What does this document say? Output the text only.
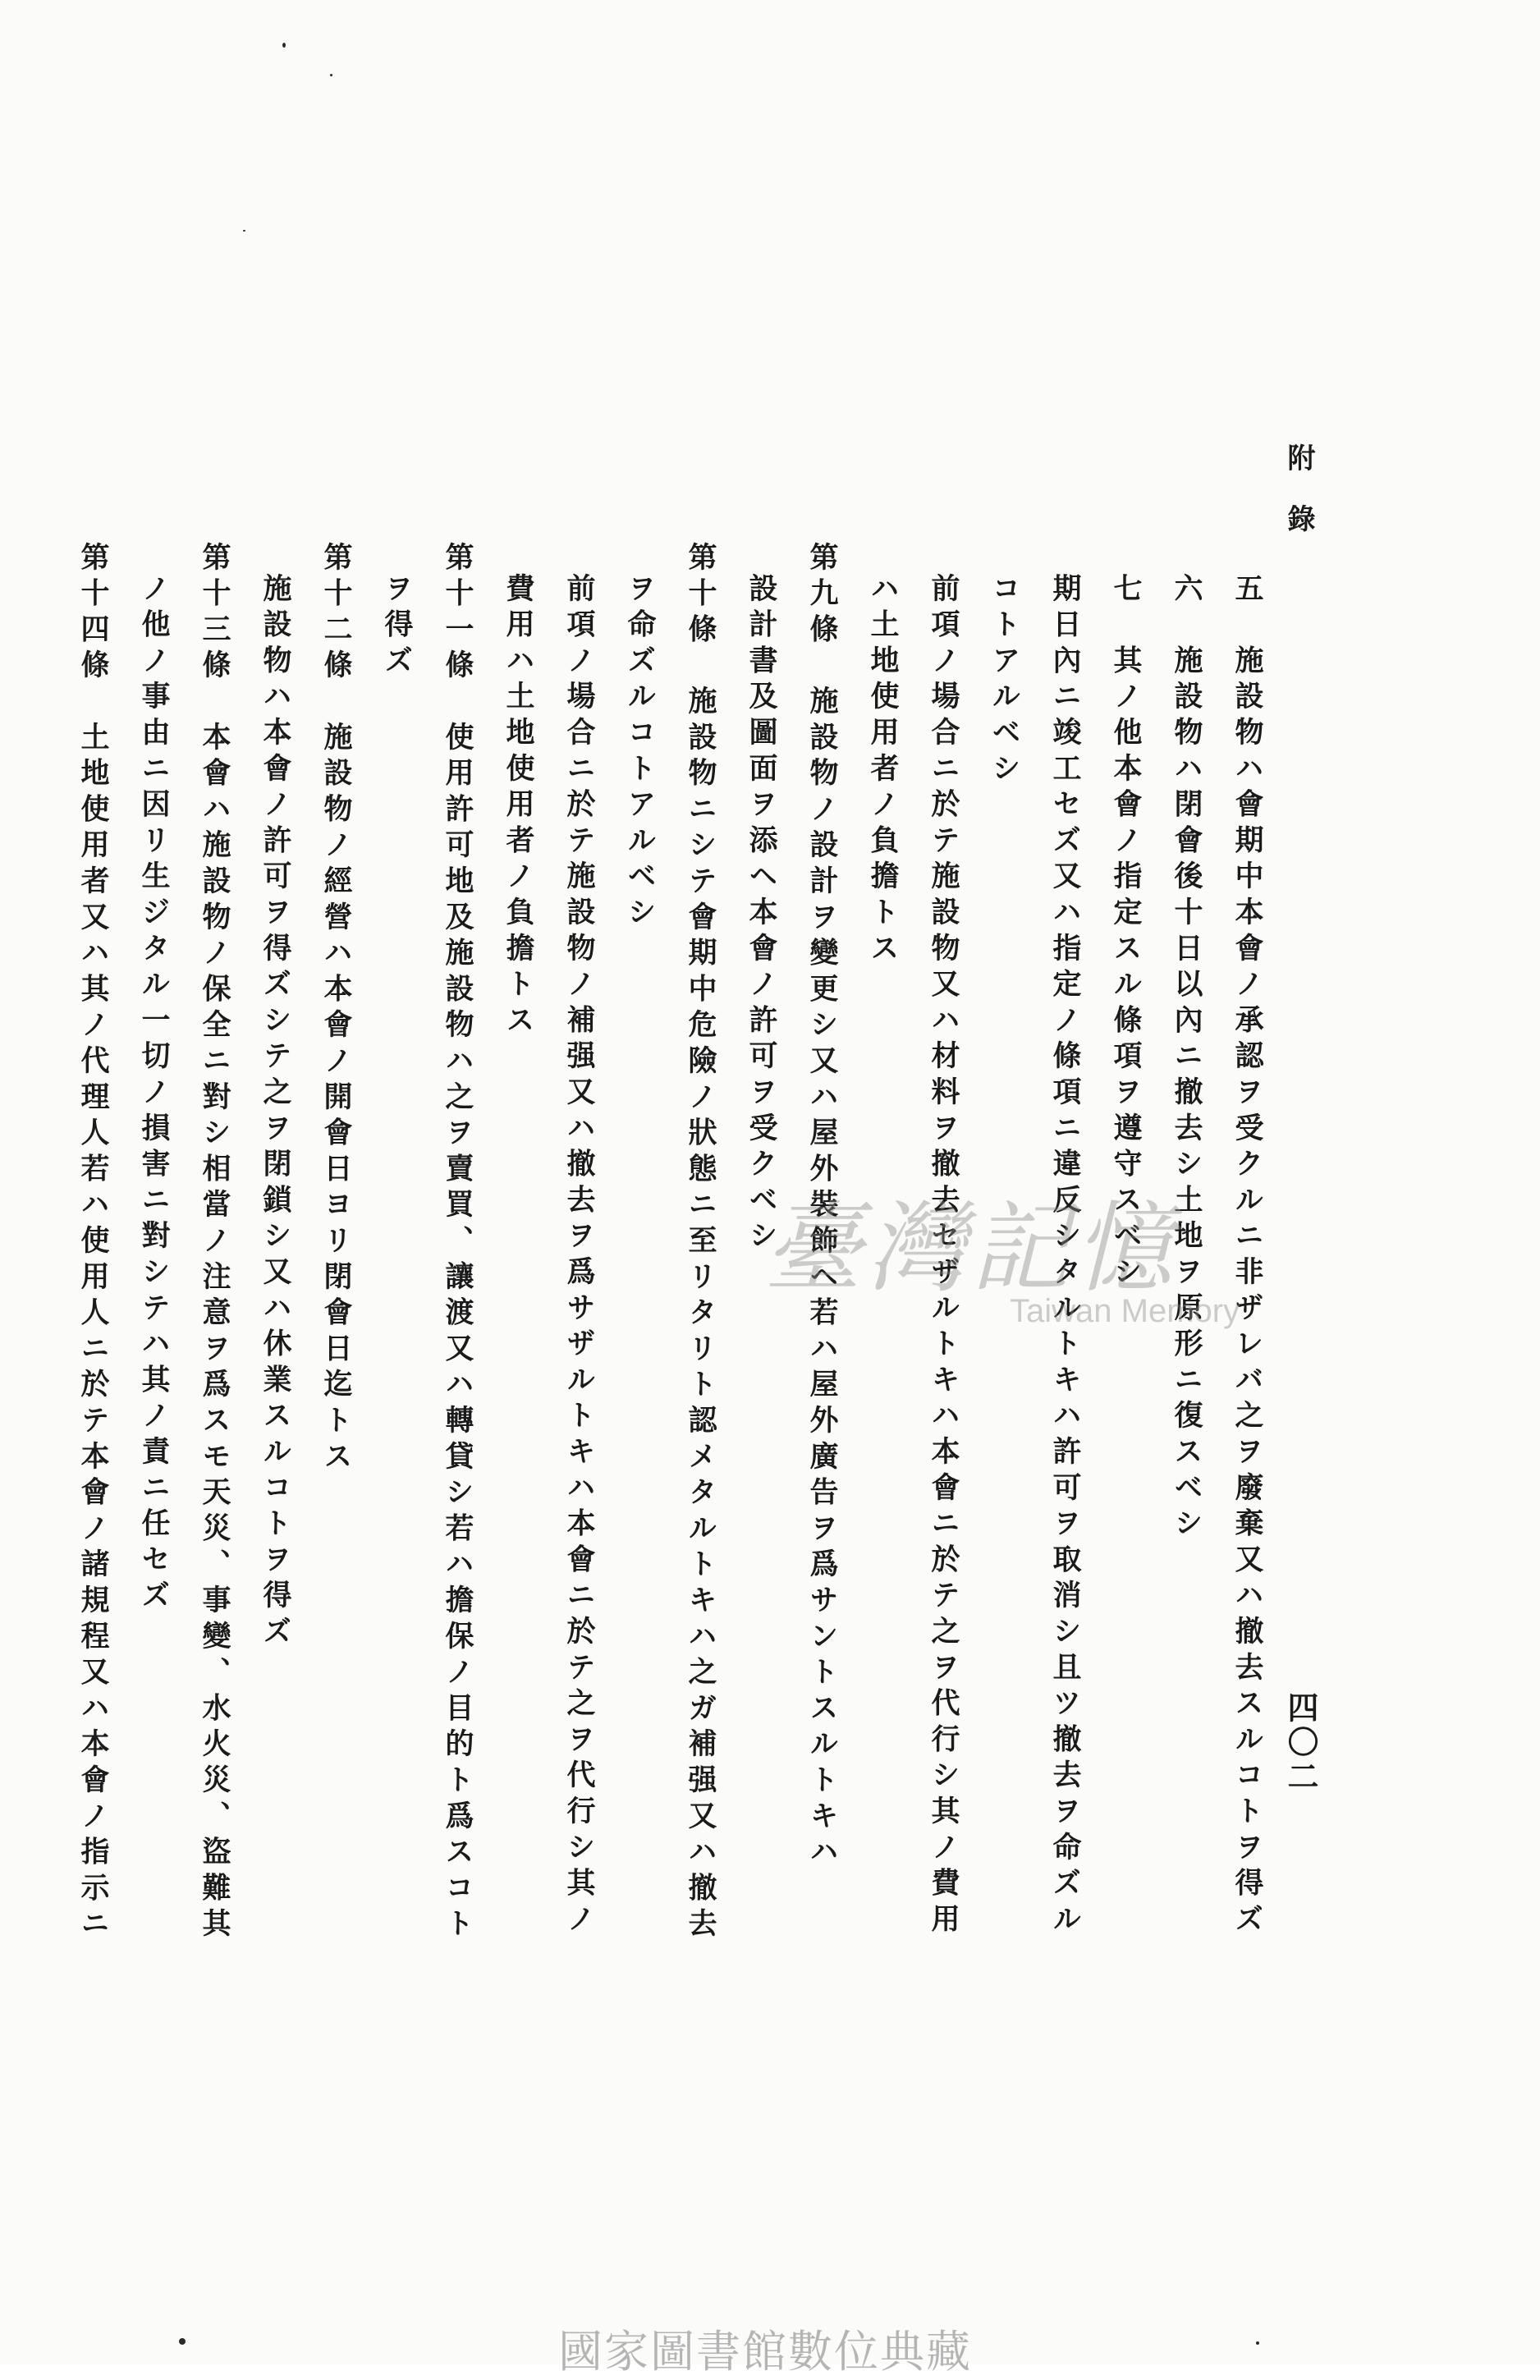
附錄
四〇二
五　施設物ハ會期中本會ノ承認ヲ受クルニ非ザレバ之ヲ廢棄又ハ撤去スルコトヲ得ズ
六　施設物ハ閉會後十日以內ニ撤去シ土地ヲ原形ニ復スベシ
七　其ノ他本會ノ指定スル條項ヲ遵守スベシ
期日內ニ竣工セズ又ハ指定ノ條項ニ違反シタルトキハ許可ヲ取消シ且ツ撤去ヲ命ズル
コトアルベシ
前項ノ場合ニ於テ施設物又ハ材料ヲ撤去セザルトキハ本會ニ於テ之ヲ代行シ其ノ費用
ハ土地使用者ノ負擔トス
第九條　施設物ノ設計ヲ變更シ又ハ屋外裝飾ヘ若ハ屋外廣告ヲ爲サントスルトキハ
設計書及圖面ヲ添ヘ本會ノ許可ヲ受クベシ
第十條　施設物ニシテ會期中危險ノ狀態ニ至リタリト認メタルトキハ之ガ補强又ハ撤去
ヲ命ズルコトアルベシ
前項ノ場合ニ於テ施設物ノ補强又ハ撤去ヲ爲サザルトキハ本會ニ於テ之ヲ代行シ其ノ
費用ハ土地使用者ノ負擔トス
第十一條　使用許可地及施設物ハ之ヲ賣買、讓渡又ハ轉貸シ若ハ擔保ノ目的ト爲スコト
ヲ得ズ
第十二條　施設物ノ經營ハ本會ノ開會日ヨリ閉會日迄トス
施設物ハ本會ノ許可ヲ得ズシテ之ヲ閉鎖シ又ハ休業スルコトヲ得ズ
第十三條　本會ハ施設物ノ保全ニ對シ相當ノ注意ヲ爲スモ天災、事變、水火災、盜難其
ノ他ノ事由ニ因リ生ジタル一切ノ損害ニ對シテハ其ノ責ニ任セズ
第十四條　土地使用者又ハ其ノ代理人若ハ使用人ニ於テ本會ノ諸規程又ハ本會ノ指示ニ	臺灣記憶
Taiwan Memory
國家圖書館數位典藏
